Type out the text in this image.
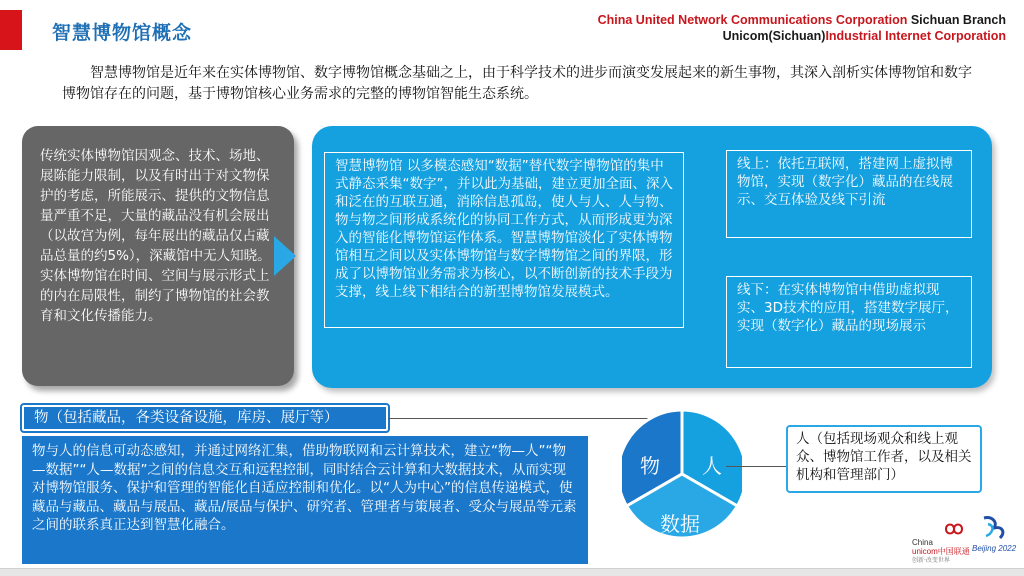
智慧博物馆概念
China United Network Communications Corporation Sichuan Branch
Unicom(Sichuan)Industrial Internet Corporation
智慧博物馆是近年来在实体博物馆、数字博物馆概念基础之上，由于科学技术的进步而演变发展起来的新生事物，其深入剖析实体博物馆和数字博物馆存在的问题，基于博物馆核心业务需求的完整的博物馆智能生态系统。
传统实体博物馆因观念、技术、场地、展陈能力限制，以及有时出于对文物保护的考虑，所能展示、提供的文物信息量严重不足，大量的藏品没有机会展出（以故宫为例，每年展出的藏品仅占藏品总量的约5%），深藏馆中无人知晓。实体博物馆在时间、空间与展示形式上的内在局限性，制约了博物馆的社会教育和文化传播能力。
智慧博物馆 以多模态感知“数据”替代数字博物馆的集中式静态采集“数字”，并以此为基础，建立更加全面、深入和泛在的互联互通，消除信息孤岛，使人与人、人与物、物与物之间形成系统化的协同工作方式，从而形成更为深入的智能化博物馆运作体系。智慧博物馆淡化了实体博物馆相互之间以及实体博物馆与数字博物馆之间的界限，形成了以博物馆业务需求为核心，以不断创新的技术手段为支撑，线上线下相结合的新型博物馆发展模式。
线上：依托互联网，搭建网上虚拟博物馆，实现（数字化）藏品的在线展示、交互体验及线下引流
线下：在实体博物馆中借助虚拟现实、3D技术的应用，搭建数字展厅，实现（数字化）藏品的现场展示
物（包括藏品，各类设备设施，库房、展厅等）
物与人的信息可动态感知，并通过网络汇集，借助物联网和云计算技术，建立“物—人”“物—数据”“人—数据”之间的信息交互和远程控制，同时结合云计算和大数据技术，从而实现对博物馆服务、保护和管理的智能化自适应控制和优化。以“人为中心”的信息传递模式，使藏品与藏品、藏品与展品、藏品/展品与保护、研究者、管理者与策展者、受众与展品等元素之间的联系真正达到智慧化融合。
物 人
数据
人（包括现场观众和线上观众、博物馆工作者，以及相关机构和管理部门）
China
unicom中国联通
创新·改变世界
Beijing 2022
